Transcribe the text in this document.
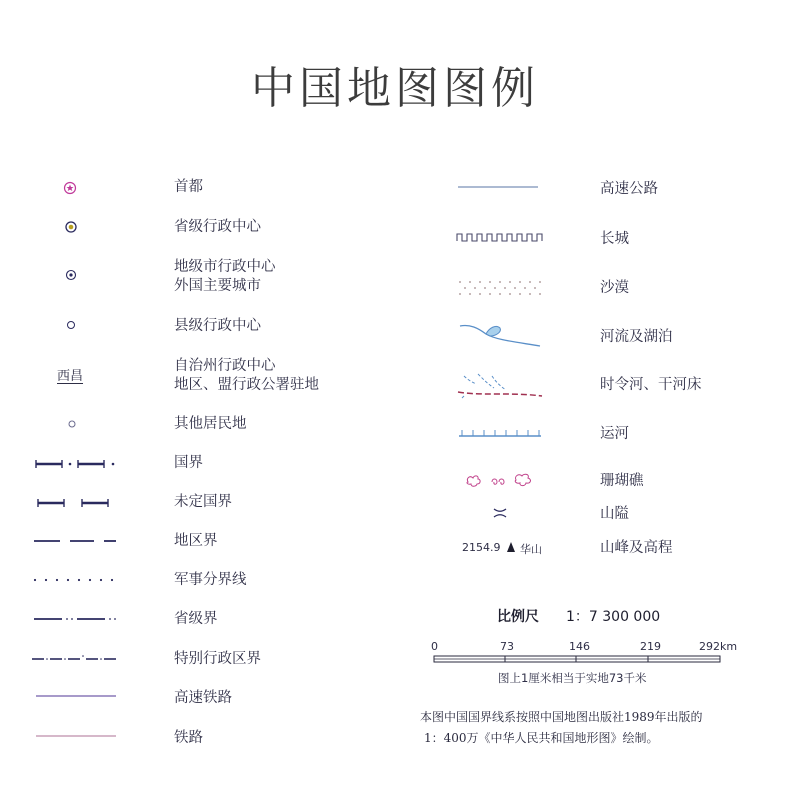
中国地图图例
首都
省级行政中心
地级市行政中心
外国主要城市
县级行政中心
西昌
自治州行政中心
地区、盟行政公署驻地
其他居民地
国界
未定国界
地区界
军事分界线
省级界
特别行政区界
高速铁路
铁路
高速公路
长城
沙漠
河流及湖泊
时令河、干河床
运河
珊瑚礁
山隘
2154.9 华山	山峰及高程
比例尺 1：7 300 000
0	73	146	219	292km
图上1厘米相当于实地73千米
本图中国国界线系按照中国地图出版社1989年出版的
1：400万《中华人民共和国地形图》绘制。
